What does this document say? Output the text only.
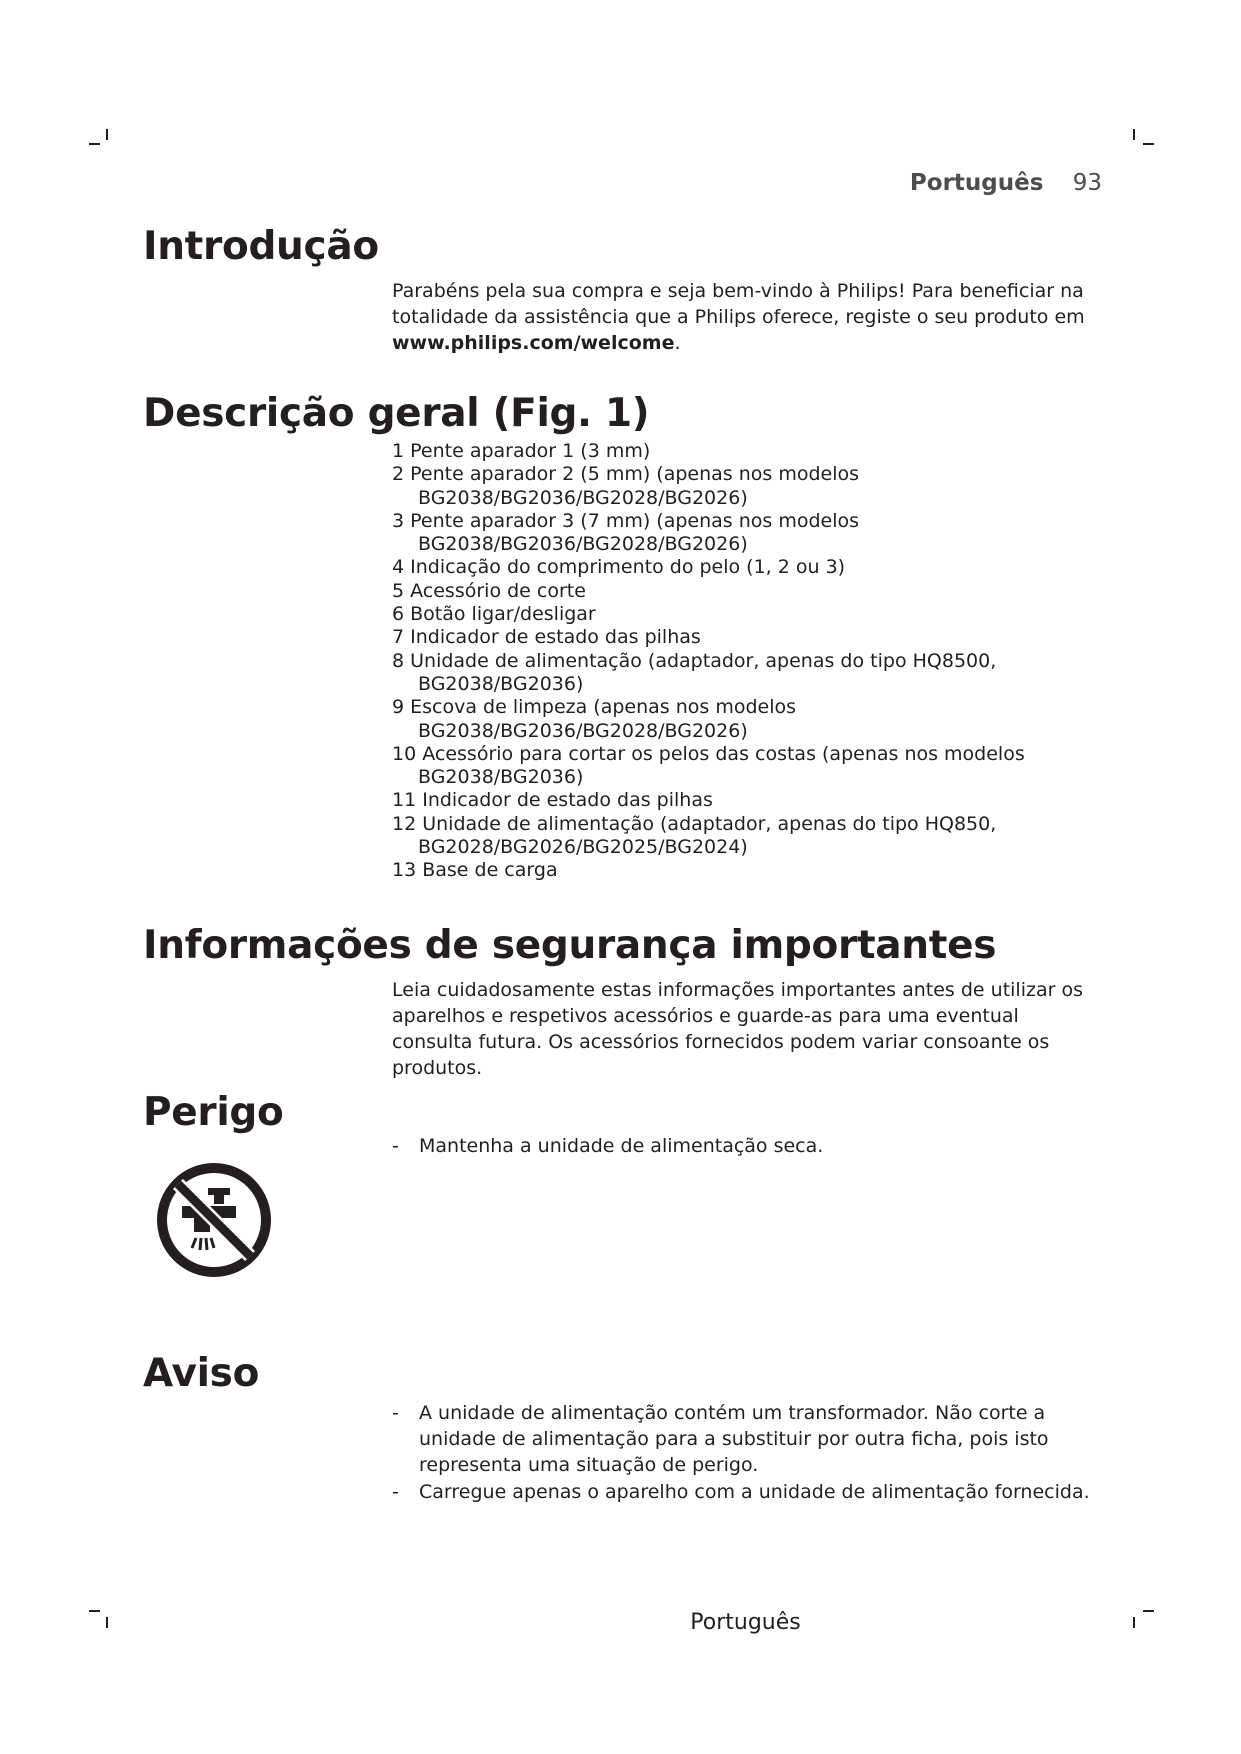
Português 93
Introdução
Parabéns pela sua compra e seja bem-vindo à Philips! Para beneficiar na totalidade da assistência que a Philips oferece, registe o seu produto em www.philips.com/welcome.
Descrição geral (Fig. 1)
1 Pente aparador 1 (3 mm)
2 Pente aparador 2 (5 mm) (apenas nos modelos BG2038/BG2036/BG2028/BG2026)
3 Pente aparador 3 (7 mm) (apenas nos modelos BG2038/BG2036/BG2028/BG2026)
4 Indicação do comprimento do pelo (1, 2 ou 3)
5 Acessório de corte
6 Botão ligar/desligar
7 Indicador de estado das pilhas
8 Unidade de alimentação (adaptador, apenas do tipo HQ8500, BG2038/BG2036)
9 Escova de limpeza (apenas nos modelos BG2038/BG2036/BG2028/BG2026)
10 Acessório para cortar os pelos das costas (apenas nos modelos BG2038/BG2036)
11 Indicador de estado das pilhas
12 Unidade de alimentação (adaptador, apenas do tipo HQ850, BG2028/BG2026/BG2025/BG2024)
13 Base de carga
Informações de segurança importantes
Leia cuidadosamente estas informações importantes antes de utilizar os aparelhos e respetivos acessórios e guarde-as para uma eventual consulta futura. Os acessórios fornecidos podem variar consoante os produtos.
Perigo
- Mantenha a unidade de alimentação seca.
Aviso
- A unidade de alimentação contém um transformador. Não corte a unidade de alimentação para a substituir por outra ficha, pois isto representa uma situação de perigo.
- Carregue apenas o aparelho com a unidade de alimentação fornecida.
Português
